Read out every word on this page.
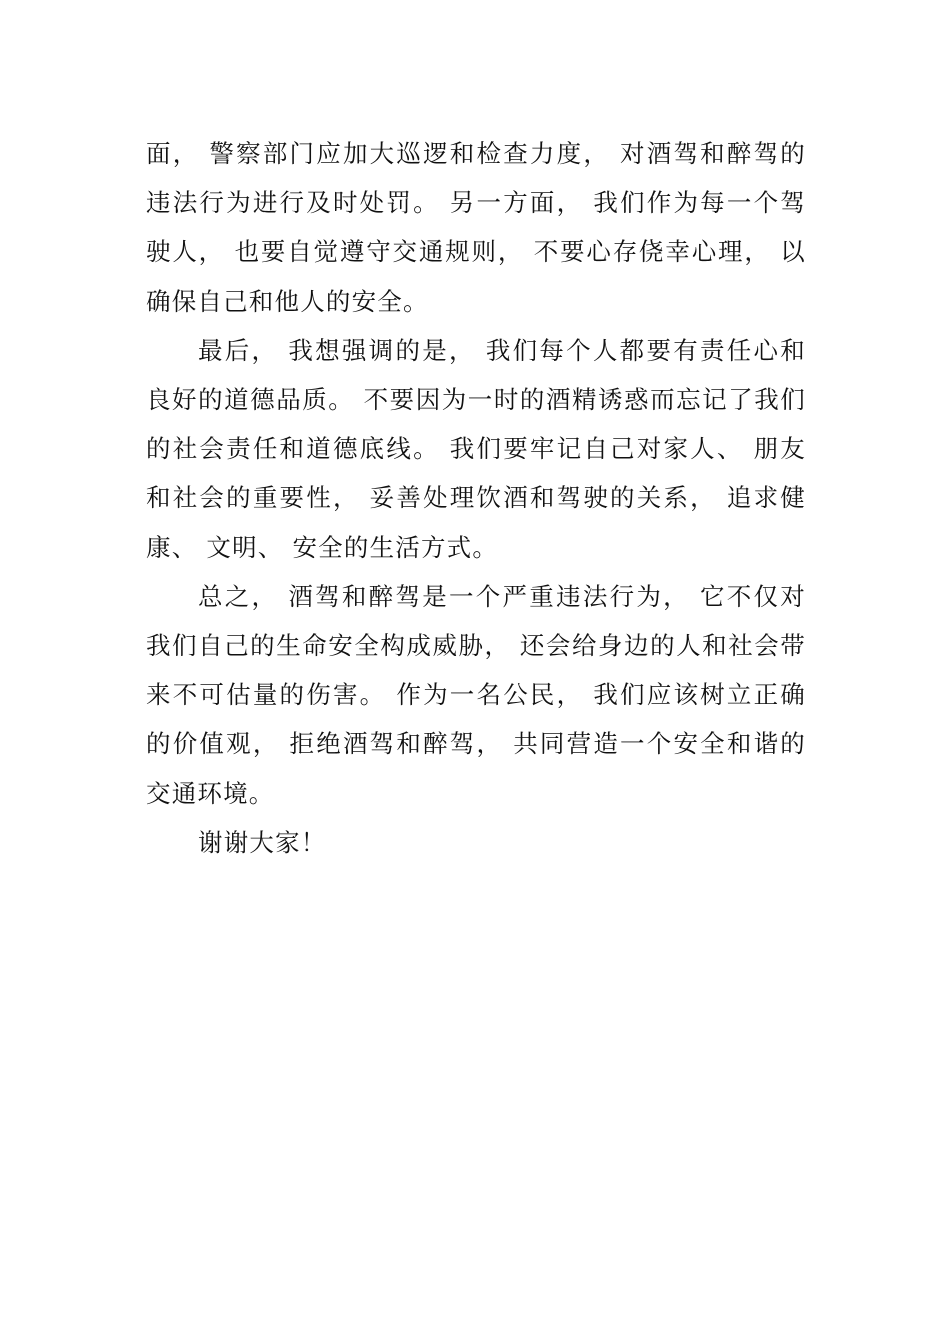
面， 警察部门应加大巡逻和检查力度， 对酒驾和醉驾的违法行为进行及时处罚。 另一方面， 我们作为每一个驾驶人， 也要自觉遵守交通规则， 不要心存侥幸心理， 以确保自己和他人的安全。

最后， 我想强调的是， 我们每个人都要有责任心和良好的道德品质。 不要因为一时的酒精诱惑而忘记了我们的社会责任和道德底线。 我们要牢记自己对家人、 朋友和社会的重要性， 妥善处理饮酒和驾驶的关系， 追求健康、 文明、 安全的生活方式。

总之， 酒驾和醉驾是一个严重违法行为， 它不仅对我们自己的生命安全构成威胁， 还会给身边的人和社会带来不可估量的伤害。 作为一名公民， 我们应该树立正确的价值观， 拒绝酒驾和醉驾， 共同营造一个安全和谐的交通环境。

谢谢大家！
